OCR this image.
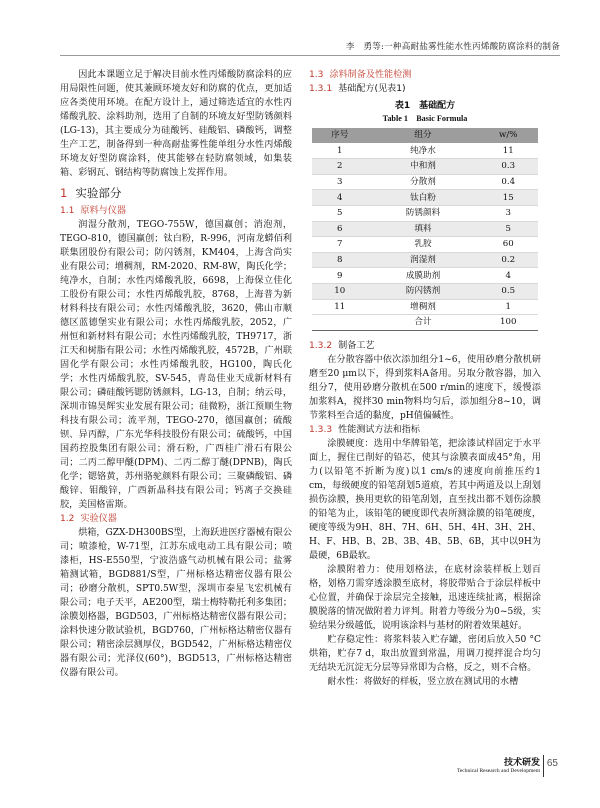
李　勇等:一种高耐盐雾性能水性丙烯酸防腐涂料的制备

因此本课题立足于解决目前水性丙烯酸防腐涂料的应用局限性问题，使其兼顾环境友好和防腐的优点，更加适应各类使用环境。在配方设计上，通过筛选适宜的水性丙烯酸乳胶、涂料助剂，选用了自制的环境友好型防锈颜料(LG-13)，其主要成分为硅酸钙、硅酸铝、磷酸钙，调整生产工艺，制备得到一种高耐盐雾性能单组分水性丙烯酸环境友好型防腐涂料，使其能够在轻防腐领域，如集装箱、彩钢瓦、钢结构等防腐蚀上发挥作用。

1 实验部分
1.1 原料与仪器

润湿分散剂，TEGO-755W，德国赢创；消泡剂，TEGO-810，德国赢创；钛白粉，R-996，河南龙蟒佰利联集团股份有限公司；防闪锈剂，KM404，上海含尚实业有限公司；增稠剂，RM-2020、RM-8W，陶氏化学；纯净水，自制；水性丙烯酸乳胶，6698，上海保立佳化工股份有限公司；水性丙烯酸乳胶，8768，上海普为新材料科技有限公司；水性丙烯酸乳胶，3620，佛山市顺德区蓝德堡实业有限公司；水性丙烯酸乳胶，2052，广州恒和新材料有限公司；水性丙烯酸乳胶，TH9717，浙江天和树脂有限公司；水性丙烯酸乳胶，4572B，广州联固化学有限公司；水性丙烯酸乳胶，HG100，陶氏化学；水性丙烯酸乳胶，SV-545，青岛佳业天成新材料有限公司；磷硅酸钙锶防锈颜料，LG-13，自制；纳云母，深圳市锦昊辉实业发展有限公司；硅微粉，浙江预顺生物科技有限公司；流平剂，TEGO-270，德国赢创；硫酸钡、异丙醇，广东光华科技股份有限公司；硫酸钙，中国国药控股集团有限公司；滑石粉，广西桂广滑石有限公司；二丙二醇甲醚(DPM)、二丙二醇丁醚(DPNB)，陶氏化学；锶铬黄，苏州骆驼颜料有限公司；三聚磷酸铝、磷酸锌、钼酸锌，广西新晶科技有限公司；钙离子交换硅胶，美国格雷斯。

1.2 实验仪器

烘箱，GZX-DH300BS型，上海跃进医疗器械有限公司；喷漆枪，W-71型，江苏东成电动工具有限公司；喷漆柜，HS-E550型，宁波浩盛气动机械有限公司；盐雾箱测试箱，BGD881/S型，广州标格达精密仪器有限公司；砂磨分散机，SPT0.5W型，深圳市泰星飞宏机械有限公司；电子天平，AE200型，瑞士梅特勒托利多集团；涂膜划格器，BGD503，广州标格达精密仪器有限公司；涂料快速分散试验机，BGD760，广州标格达精密仪器有限公司；精密涂层测厚仪，BGD542，广州标格达精密仪器有限公司；光泽仪(60°)，BGD513，广州标格达精密仪器有限公司。

1.3 涂料制备及性能检测
1.3.1 基础配方(见表1)
表1　基础配方
Table 1　Basic Formula
序号	组分	w/%
1	纯净水	11
2	中和剂	0.3
3	分散剂	0.4
4	钛白粉	15
5	防锈颜料	3
6	填料	5
7	乳胶	60
8	润湿剂	0.2
9	成膜助剂	4
10	防闪锈剂	0.5
11	增稠剂	1
	合计	100
1.3.2 制备工艺

在分散容器中依次添加组分1~6，使用砂磨分散机研磨至20 μm以下，得到浆料A备用。另取分散容器，加入组分7，使用砂磨分散机在500 r/min的速度下，缓慢添加浆料A，搅拌30 min物料均匀后，添加组分8~10，调节浆料至合适的黏度，pH值偏碱性。

1.3.3 性能测试方法和指标

涂膜硬度：选用中华牌铅笔，把涂漆试样固定于水平面上，握住已削好的铅芯，使其与涂膜表面成45°角，用力(以铅笔不折断为度)以1 cm/s的速度向前推压约1 cm，每级硬度的铅笔刮划5道痕，若其中两道及以上刮划损伤涂膜，换用更软的铅笔刮划，直至找出都不划伤涂膜的铅笔为止，该铅笔的硬度即代表所测涂膜的铅笔硬度，硬度等级为9H、8H、7H、6H、5H、4H、3H、2H、H、F、HB、B、2B、3B、4B、5B、6B，其中以9H为最硬，6B最软。

涂膜附着力：使用划格法，在底材涂装样板上划百格，划格刀需穿透涂膜至底材，将胶带贴合于涂层样板中心位置，并确保于涂层完全接触，迅速连续扯离，根据涂膜脱落的情况做附着力评判。附着力等级分为0~5级，实验结果分级越低，说明该涂料与基材的附着效果越好。

贮存稳定性：将浆料装入贮存罐，密闭后放入50 °C烘箱，贮存7 d，取出放置到常温，用调刀搅拌混合均匀无结块无沉淀无分层等异常即为合格，反之，则不合格。

耐水性：将做好的样板，竖立放在测试用的水槽

技术研发
Technical Research and Development
65
